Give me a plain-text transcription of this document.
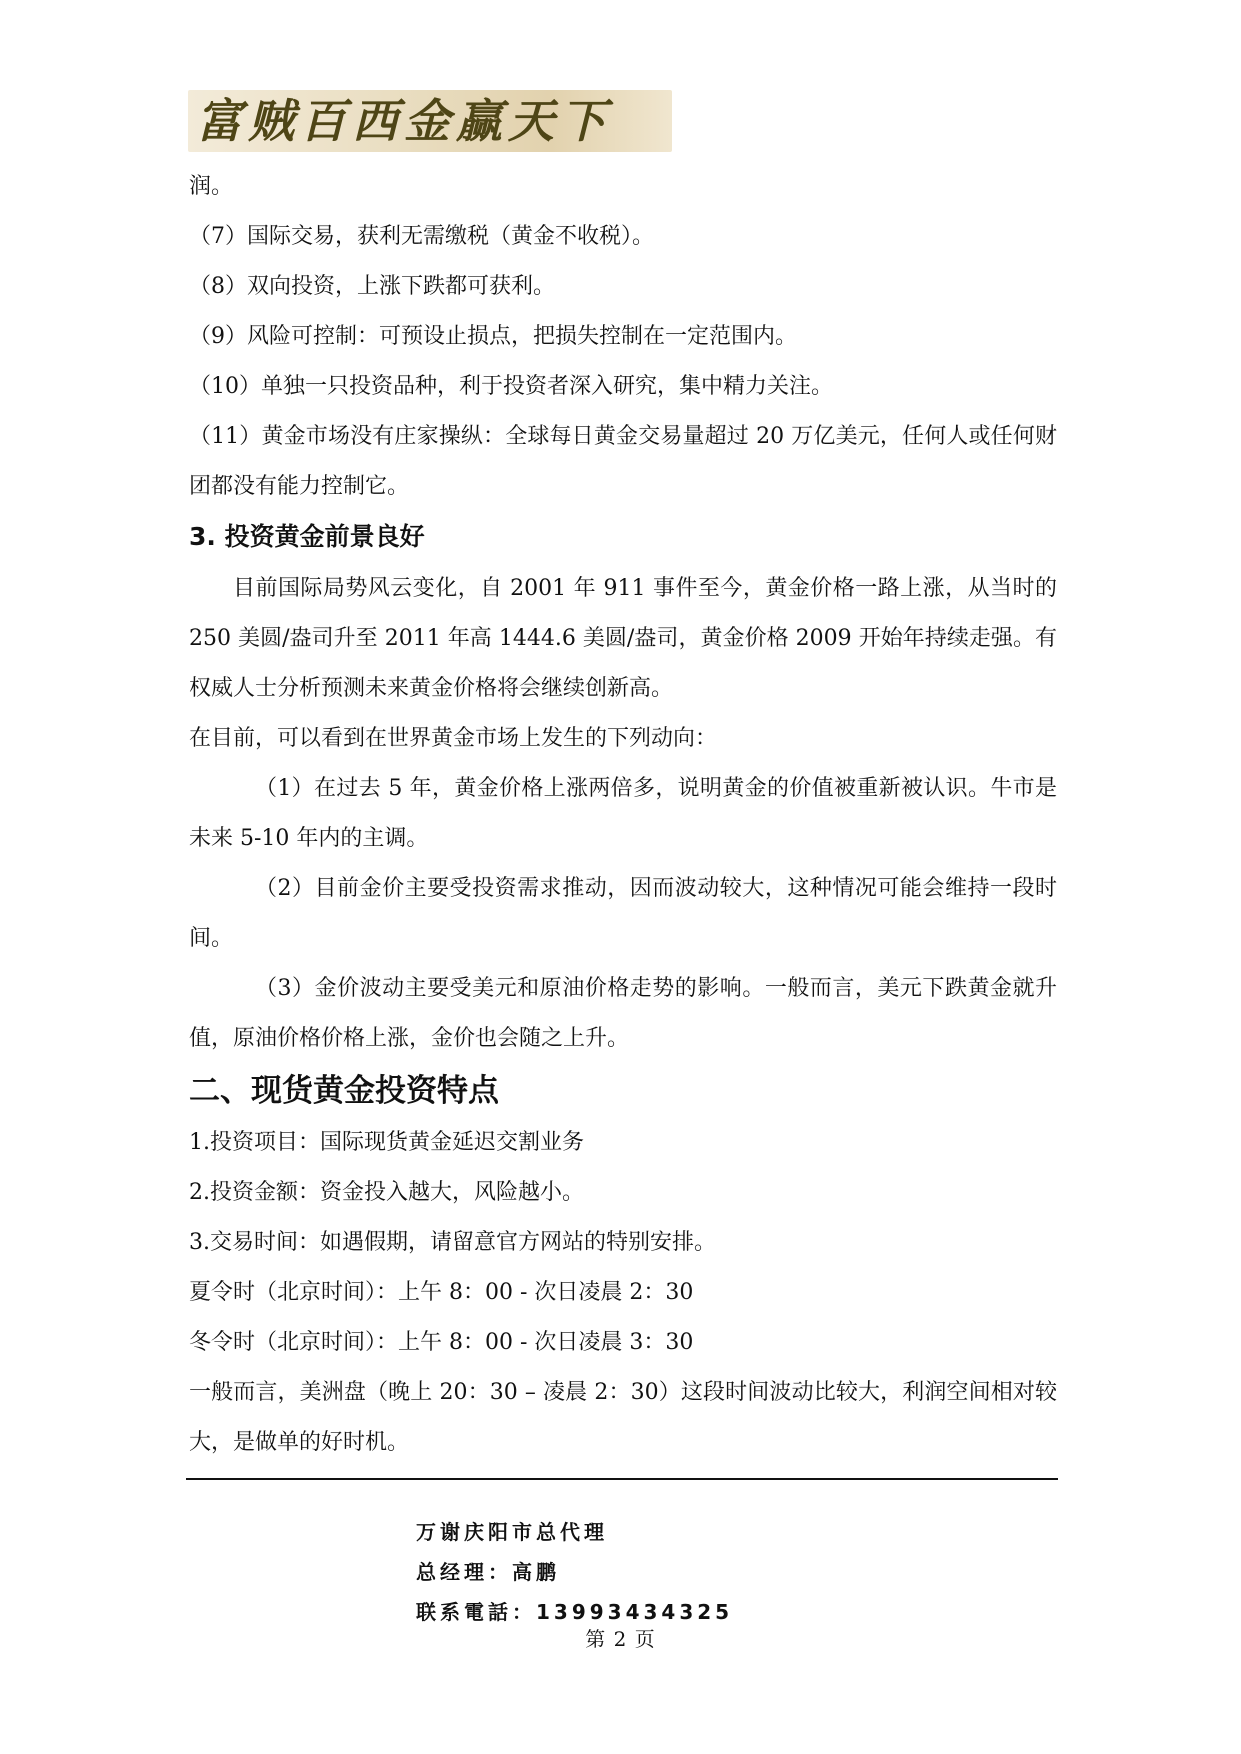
富贼百西金赢天下
润。
（7）国际交易，获利无需缴税（黄金不收税）。
（8）双向投资，上涨下跌都可获利。
（9）风险可控制：可预设止损点，把损失控制在一定范围内。
（10）单独一只投资品种，利于投资者深入研究，集中精力关注。
（11）黄金市场没有庄家操纵：全球每日黄金交易量超过 20 万亿美元，任何人或任何财团都没有能力控制它。
3. 投资黄金前景良好
目前国际局势风云变化，自 2001 年 911 事件至今，黄金价格一路上涨，从当时的 250 美圆/盎司升至 2011 年高 1444.6 美圆/盎司，黄金价格 2009 开始年持续走强。有权威人士分析预测未来黄金价格将会继续创新高。
在目前，可以看到在世界黄金市场上发生的下列动向：
（1）在过去 5 年，黄金价格上涨两倍多，说明黄金的价值被重新被认识。牛市是未来 5-10 年内的主调。
（2）目前金价主要受投资需求推动，因而波动较大，这种情况可能会维持一段时间。
（3）金价波动主要受美元和原油价格走势的影响。一般而言，美元下跌黄金就升值，原油价格价格上涨，金价也会随之上升。
二、现货黄金投资特点
1.投资项目：国际现货黄金延迟交割业务
2.投资金额：资金投入越大，风险越小。
3.交易时间：如遇假期，请留意官方网站的特别安排。
夏令时（北京时间）：上午 8：00 - 次日凌晨 2：30
冬令时（北京时间）：上午 8：00 - 次日凌晨 3：30
一般而言，美洲盘（晚上 20：30 – 凌晨 2：30）这段时间波动比较大，利润空间相对较大，是做单的好时机。
万谢庆阳市总代理
总经理：高鹏
联系電話：13993434325
第 2 页
